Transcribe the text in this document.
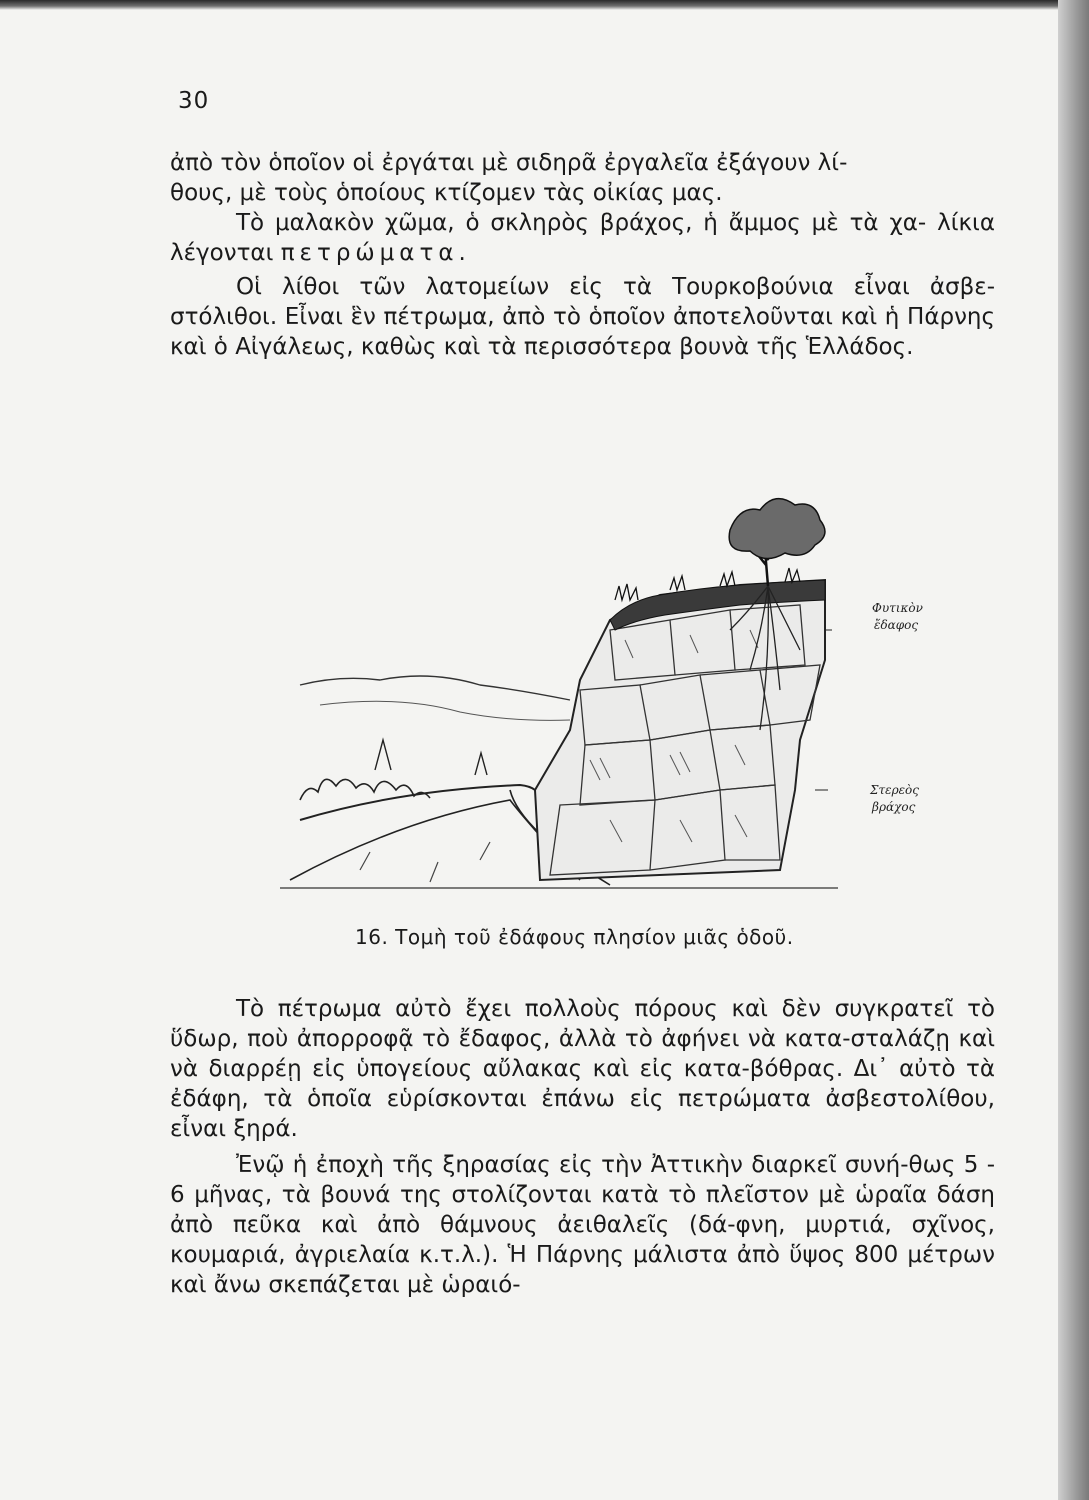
30

ἀπὸ τὸν ὁποῖον οἱ ἐργάται μὲ σιδηρᾶ ἐργαλεῖα ἐξάγουν λί-

θους, μὲ τοὺς ὁποίους κτίζομεν τὰς οἰκίας μας.

Τὸ μαλακὸν χῶμα, ὁ σκληρὸς βράχος, ἡ ἄμμος μὲ τὰ χα- λίκια λέγονται πετρώματα.

Οἱ λίθοι τῶν λατομείων εἰς τὰ Τουρκοβούνια εἶναι ἀσβε-στόλιθοι. Εἶναι ἓν πέτρωμα, ἀπὸ τὸ ὁποῖον ἀποτελοῦνται καὶ ἡ Πάρνης καὶ ὁ Αἰγάλεως, καθὼς καὶ τὰ περισσότερα βουνὰ τῆς Ἑλλάδος.

Φυτικὸν
ἔδαφος
Στερεὸς
βράχος
16. Τομὴ τοῦ ἐδάφους πλησίον μιᾶς ὁδοῦ.

Τὸ πέτρωμα αὐτὸ ἔχει πολλοὺς πόρους καὶ δὲν συγκρατεῖ τὸ ὕδωρ, ποὺ ἀπορροφᾷ τὸ ἔδαφος, ἀλλὰ τὸ ἀφήνει νὰ κατα-σταλάζῃ καὶ νὰ διαρρέῃ εἰς ὑπογείους αὔλακας καὶ εἰς κατα-βόθρας. Δι᾽ αὐτὸ τὰ ἐδάφη, τὰ ὁποῖα εὑρίσκονται ἐπάνω εἰς πετρώματα ἀσβεστολίθου, εἶναι ξηρά.

Ἐνῷ ἡ ἐποχὴ τῆς ξηρασίας εἰς τὴν Ἀττικὴν διαρκεῖ συνή-θως 5 - 6 μῆνας, τὰ βουνά της στολίζονται κατὰ τὸ πλεῖστον μὲ ὡραῖα δάση ἀπὸ πεῦκα καὶ ἀπὸ θάμνους ἀειθαλεῖς (δά-φνη, μυρτιά, σχῖνος, κουμαριά, ἀγριελαία κ.τ.λ.). Ἡ Πάρνης μάλιστα ἀπὸ ὕψος 800 μέτρων καὶ ἄνω σκεπάζεται μὲ ὡραιό-
